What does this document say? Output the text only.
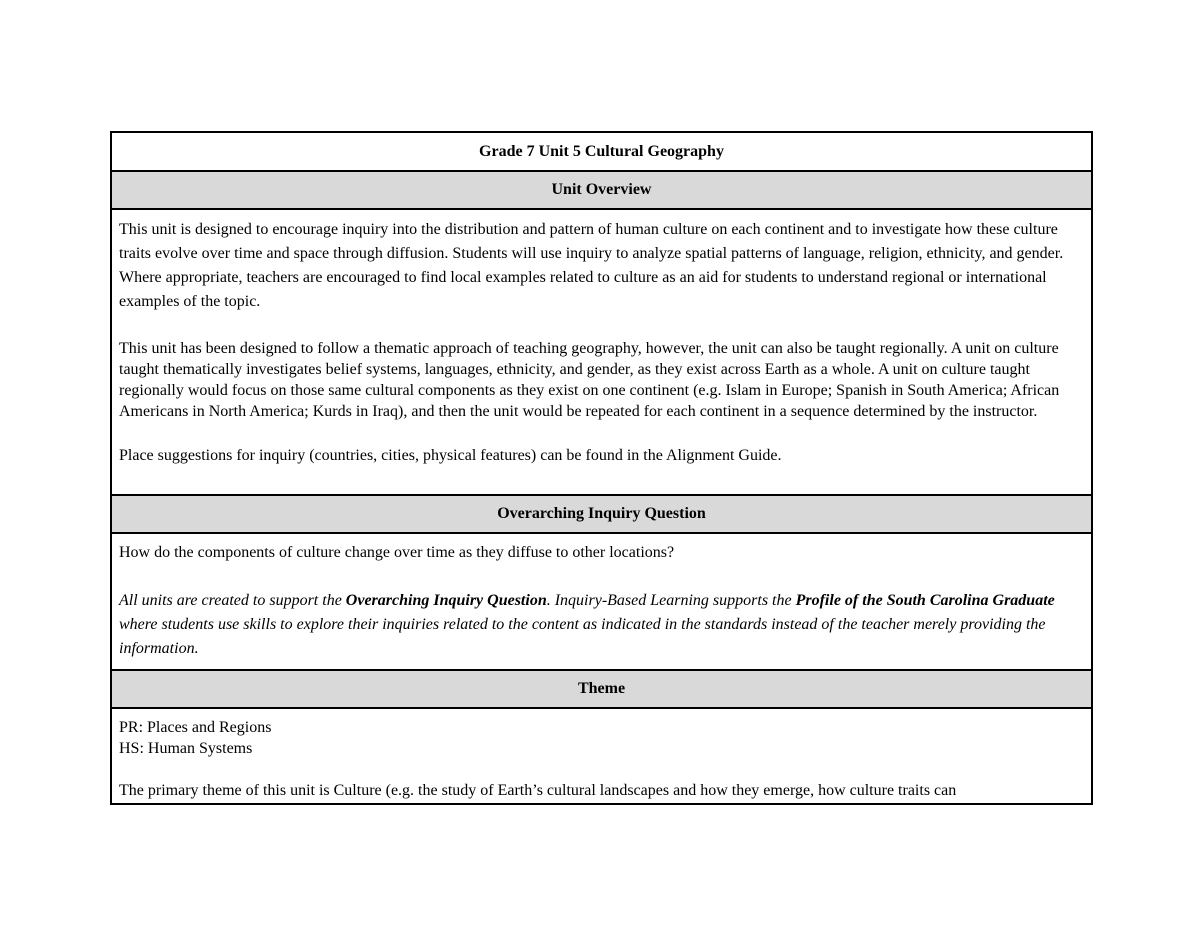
Grade 7 Unit 5 Cultural Geography
Unit Overview

This unit is designed to encourage inquiry into the distribution and pattern of human culture on each continent and to investigate how these culture traits evolve over time and space through diffusion. Students will use inquiry to analyze spatial patterns of language, religion, ethnicity, and gender. Where appropriate, teachers are encouraged to find local examples related to culture as an aid for students to understand regional or international examples of the topic.

This unit has been designed to follow a thematic approach of teaching geography, however, the unit can also be taught regionally. A unit on culture taught thematically investigates belief systems, languages, ethnicity, and gender, as they exist across Earth as a whole. A unit on culture taught regionally would focus on those same cultural components as they exist on one continent (e.g. Islam in Europe; Spanish in South America; African Americans in North America; Kurds in Iraq), and then the unit would be repeated for each continent in a sequence determined by the instructor.

Place suggestions for inquiry (countries, cities, physical features) can be found in the Alignment Guide.

Overarching Inquiry Question

How do the components of culture change over time as they diffuse to other locations?

All units are created to support the Overarching Inquiry Question. Inquiry-Based Learning supports the Profile of the South Carolina Graduate where students use skills to explore their inquiries related to the content as indicated in the standards instead of the teacher merely providing the information.

Theme

PR: Places and Regions

HS: Human Systems

The primary theme of this unit is Culture (e.g. the study of Earth’s cultural landscapes and how they emerge, how culture traits can
